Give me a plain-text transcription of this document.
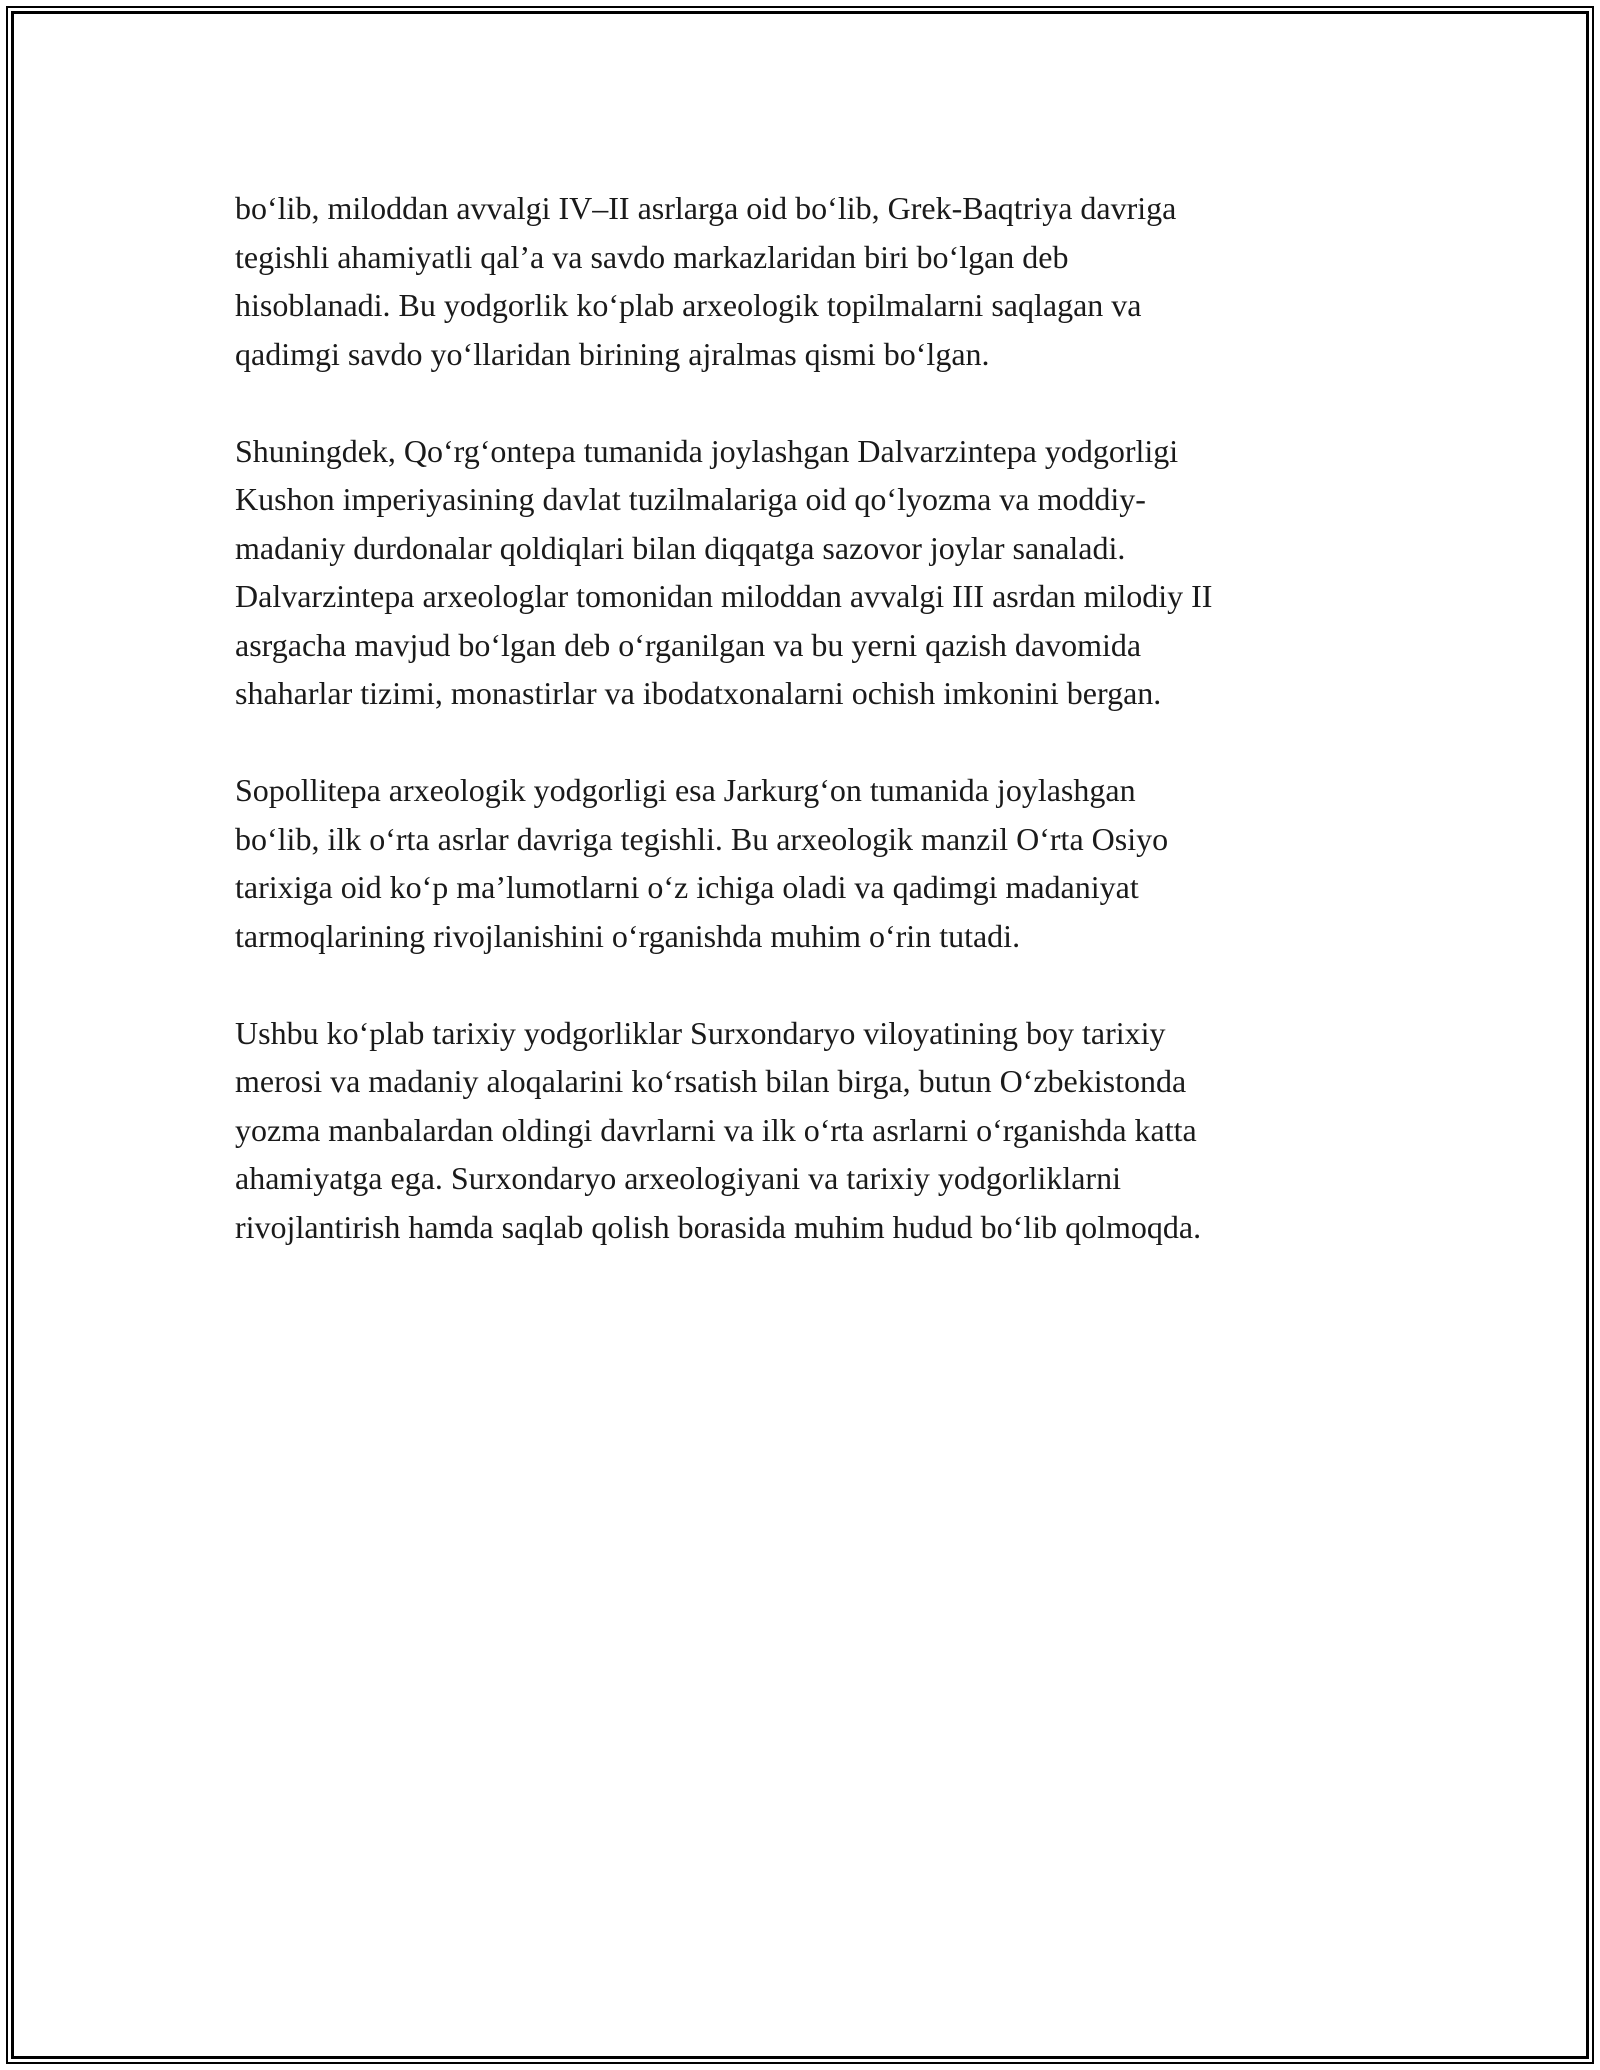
bo‘lib, miloddan avvalgi IV–II asrlarga oid bo‘lib, Grek-Baqtriya davriga
tegishli ahamiyatli qal’a va savdo markazlaridan biri bo‘lgan deb
hisoblanadi. Bu yodgorlik ko‘plab arxeologik topilmalarni saqlagan va
qadimgi savdo yo‘llaridan birining ajralmas qismi bo‘lgan.

Shuningdek, Qo‘rg‘ontepa tumanida joylashgan Dalvarzintepa yodgorligi
Kushon imperiyasining davlat tuzilmalariga oid qo‘lyozma va moddiy-
madaniy durdonalar qoldiqlari bilan diqqatga sazovor joylar sanaladi.
Dalvarzintepa arxeologlar tomonidan miloddan avvalgi III asrdan milodiy II
asrgacha mavjud bo‘lgan deb o‘rganilgan va bu yerni qazish davomida
shaharlar tizimi, monastirlar va ibodatxonalarni ochish imkonini bergan.

Sopollitepa arxeologik yodgorligi esa Jarkurg‘on tumanida joylashgan
bo‘lib, ilk o‘rta asrlar davriga tegishli. Bu arxeologik manzil O‘rta Osiyo
tarixiga oid ko‘p ma’lumotlarni o‘z ichiga oladi va qadimgi madaniyat
tarmoqlarining rivojlanishini o‘rganishda muhim o‘rin tutadi.

Ushbu ko‘plab tarixiy yodgorliklar Surxondaryo viloyatining boy tarixiy
merosi va madaniy aloqalarini ko‘rsatish bilan birga, butun O‘zbekistonda
yozma manbalardan oldingi davrlarni va ilk o‘rta asrlarni o‘rganishda katta
ahamiyatga ega. Surxondaryo arxeologiyani va tarixiy yodgorliklarni
rivojlantirish hamda saqlab qolish borasida muhim hudud bo‘lib qolmoqda.
